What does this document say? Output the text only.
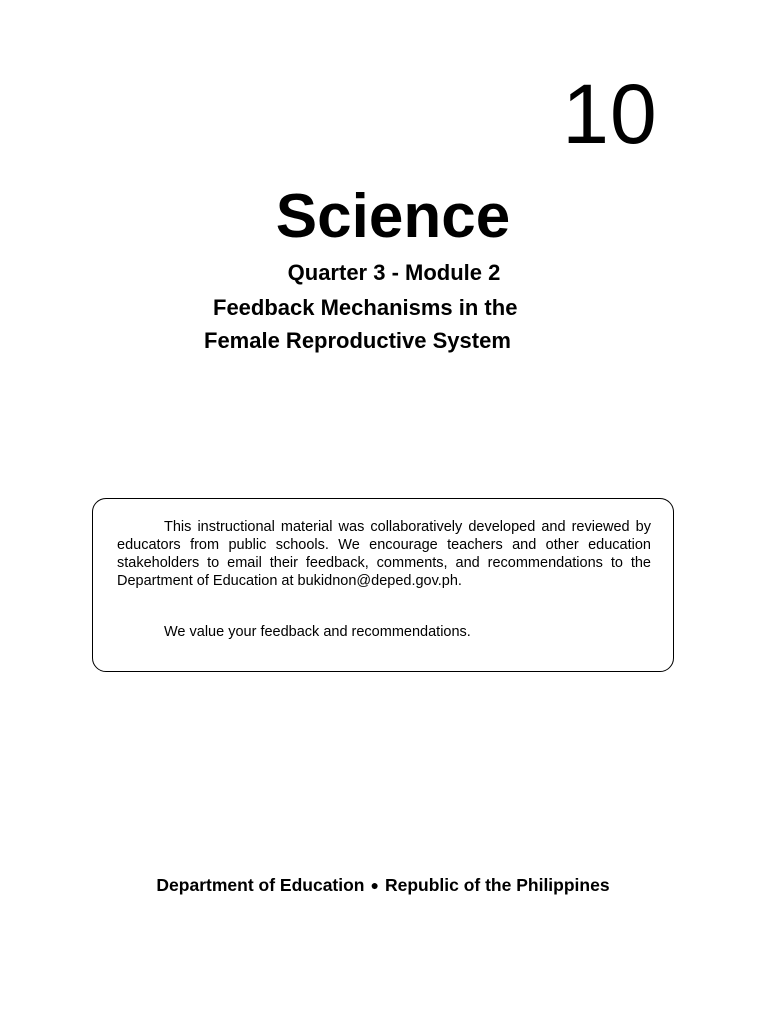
10
Science
Quarter 3 - Module 2
Feedback Mechanisms in the
Female Reproductive System

This instructional material was collaboratively developed and reviewed by educators from public schools. We encourage teachers and other education stakeholders to email their feedback, comments, and recommendations to the Department of Education at bukidnon@deped.gov.ph.

We value your feedback and recommendations.

Department of Education ● Republic of the Philippines
